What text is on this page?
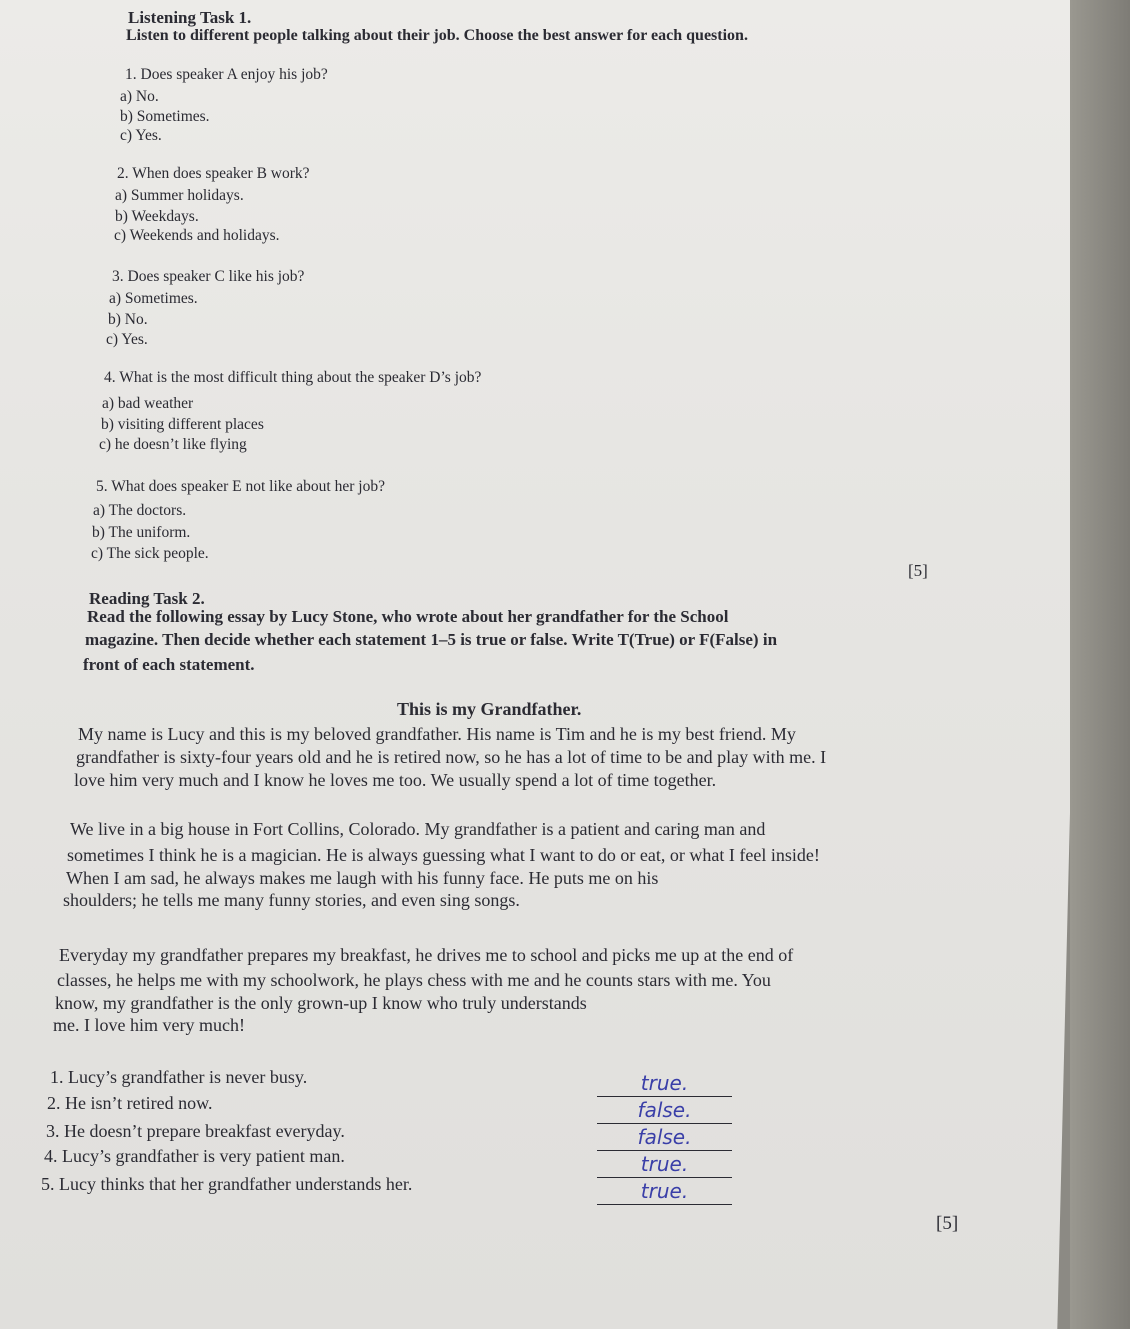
Listening Task 1.
Listen to different people talking about their job. Choose the best answer for each question.
1. Does speaker A enjoy his job?
a) No.
b) Sometimes.
c) Yes.
2. When does speaker B work?
a) Summer holidays.
b) Weekdays.
c) Weekends and holidays.
3. Does speaker C like his job?
a) Sometimes.
b) No.
c) Yes.
4. What is the most difficult thing about the speaker D’s job?
a) bad weather
b) visiting different places
c) he doesn’t like flying
5. What does speaker E not like about her job?
a) The doctors.
b) The uniform.
c) The sick people.
[5]
Reading Task 2.
Read the following essay by Lucy Stone, who wrote about her grandfather for the School
magazine. Then decide whether each statement 1–5 is true or false. Write T(True) or F(False) in
front of each statement.
This is my Grandfather.
My name is Lucy and this is my beloved grandfather. His name is Tim and he is my best friend. My
grandfather is sixty-four years old and he is retired now, so he has a lot of time to be and play with me. I
love him very much and I know he loves me too. We usually spend a lot of time together.
We live in a big house in Fort Collins, Colorado. My grandfather is a patient and caring man and
sometimes I think he is a magician. He is always guessing what I want to do or eat, or what I feel inside!
When I am sad, he always makes me laugh with his funny face. He puts me on his
shoulders; he tells me many funny stories, and even sing songs.
Everyday my grandfather prepares my breakfast, he drives me to school and picks me up at the end of
classes, he helps me with my schoolwork, he plays chess with me and he counts stars with me. You
know, my grandfather is the only grown-up I know who truly understands
me. I love him very much!
1. Lucy’s grandfather is never busy.
2. He isn’t retired now.
3. He doesn’t prepare breakfast everyday.
4. Lucy’s grandfather is very patient man.
5. Lucy thinks that her grandfather understands her.
true.
false.
false.
true.
true.
[5]
